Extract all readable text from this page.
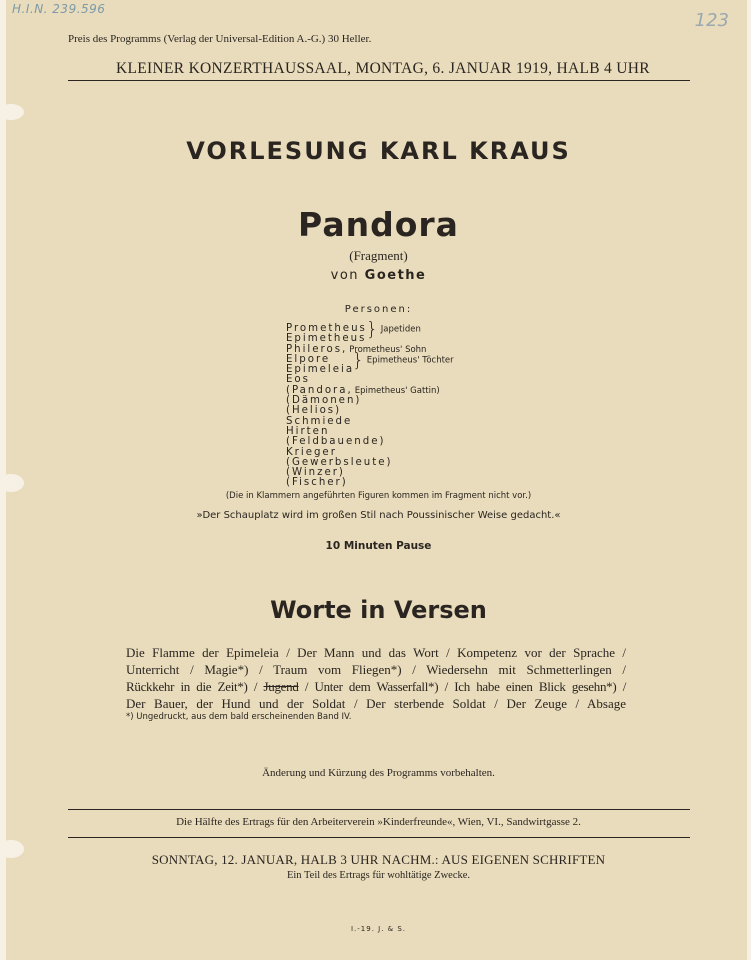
H.I.N. 239.596
123
Preis des Programms (Verlag der Universal-Edition A.-G.) 30 Heller.
KLEINER KONZERTHAUSSAAL, MONTAG, 6. JANUAR 1919, HALB 4 UHR
VORLESUNG KARL KRAUS
Pandora
(Fragment)
von Goethe
Personen:
Prometheus
Epimetheus
Phileros, Prometheus' Sohn
Elpore
Epimeleia
Eos
(Pandora, Epimetheus' Gattin)
(Dämonen)
(Helios)
Schmiede
Hirten
(Feldbauende)
Krieger
(Gewerbsleute)
(Winzer)
(Fischer)
} Japetiden
} Epimetheus' Töchter
(Die in Klammern angeführten Figuren kommen im Fragment nicht vor.)
»Der Schauplatz wird im großen Stil nach Poussinischer Weise gedacht.«
10 Minuten Pause
Worte in Versen
Die Flamme der Epimeleia / Der Mann und das Wort / Kompetenz vor der Sprache /
Unterricht / Magie*) / Traum vom Fliegen*) / Wiedersehn mit Schmetterlingen /
Rückkehr in die Zeit*) / Jugend / Unter dem Wasserfall*) / Ich habe einen Blick gesehn*) /
Der Bauer, der Hund und der Soldat / Der sterbende Soldat / Der Zeuge / Absage
*) Ungedruckt, aus dem bald erscheinenden Band IV.
Änderung und Kürzung des Programms vorbehalten.
Die Hälfte des Ertrags für den Arbeiterverein »Kinderfreunde«, Wien, VI., Sandwirtgasse 2.
SONNTAG, 12. JANUAR, HALB 3 UHR NACHM.: AUS EIGENEN SCHRIFTEN
Ein Teil des Ertrags für wohltätige Zwecke.
I.-19. J. & S.
